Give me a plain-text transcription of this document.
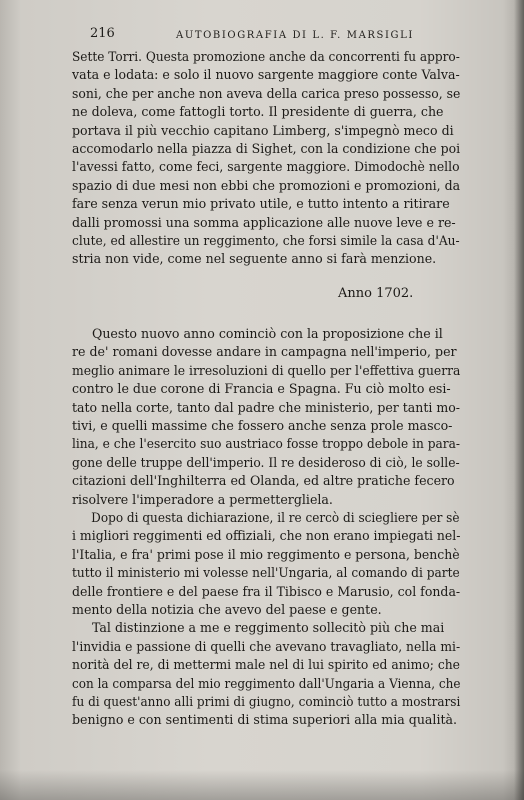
216	AUTOBIOGRAFIA DI L. F. MARSIGLI
Sette Torri. Questa promozione anche da concorrenti fu appro-
vata e lodata: e solo il nuovo sargente maggiore conte Valva-
soni, che per anche non aveva della carica preso possesso, se
ne doleva, come fattogli torto. Il presidente di guerra, che
portava il più vecchio capitano Limberg, s'impegnò meco di
accomodarlo nella piazza di Sighet, con la condizione che poi
l'avessi fatto, come feci, sargente maggiore. Dimodochè nello
spazio di due mesi non ebbi che promozioni e promozioni, da
fare senza verun mio privato utile, e tutto intento a ritirare
dalli promossi una somma applicazione alle nuove leve e re-
clute, ed allestire un reggimento, che forsi simile la casa d'Au-
stria non vide, come nel seguente anno si farà menzione.
Questo nuovo anno cominciò con la proposizione che il
re de' romani dovesse andare in campagna nell'imperio, per
meglio animare le irresoluzioni di quello per l'effettiva guerra
contro le due corone di Francia e Spagna. Fu ciò molto esi-
tato nella corte, tanto dal padre che ministerio, per tanti mo-
tivi, e quelli massime che fossero anche senza prole masco-
lina, e che l'esercito suo austriaco fosse troppo debole in para-
gone delle truppe dell'imperio. Il re desideroso di ciò, le solle-
citazioni dell'Inghilterra ed Olanda, ed altre pratiche fecero
risolvere l'imperadore a permettergliela.
Dopo di questa dichiarazione, il re cercò di sciegliere per sè
i migliori reggimenti ed offiziali, che non erano impiegati nel-
l'Italia, e fra' primi pose il mio reggimento e persona, benchè
tutto il ministerio mi volesse nell'Ungaria, al comando di parte
delle frontiere e del paese fra il Tibisco e Marusio, col fonda-
mento della notizia che avevo del paese e gente.
Tal distinzione a me e reggimento sollecitò più che mai
l'invidia e passione di quelli che avevano travagliato, nella mi-
norità del re, di mettermi male nel di lui spirito ed animo; che
con la comparsa del mio reggimento dall'Ungaria a Vienna, che
fu di quest'anno alli primi di giugno, cominciò tutto a mostrarsi
benigno e con sentimenti di stima superiori alla mia qualità.
Anno 1702.
